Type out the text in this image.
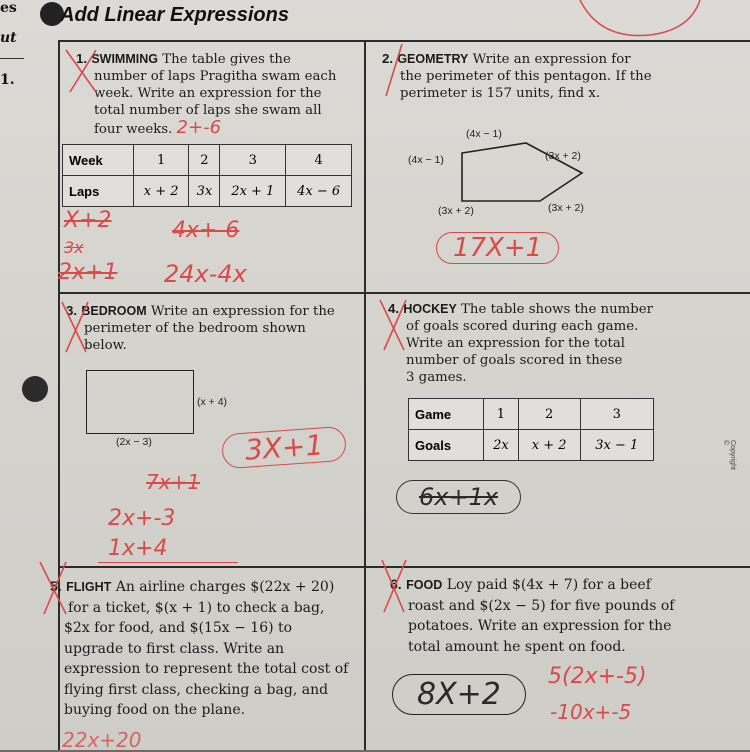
es
ut
1.
Add Linear Expressions
1. SWIMMING The table gives the
number of laps Pragitha swam each
week. Write an expression for the
total number of laps she swam all
four weeks. 2+-6
Week	1	2	3	4
Laps	x + 2	3x	2x + 1	4x − 6
X+2	4x+-6
3x
2x+1 24x-4x
2. GEOMETRY Write an expression for
the perimeter of this pentagon. If the
perimeter is 157 units, find x.
(4x − 1)
(4x − 1)	(3x + 2)
(3x + 2)	(3x + 2)
17X+1
3. BEDROOM Write an expression for the
perimeter of the bedroom shown
below.
(x + 4)
(2x − 3)	3X+1
7x+1
2x+-3
1x+4
4. HOCKEY The table shows the number
of goals scored during each game.
Write an expression for the total
number of goals scored in these
3 games.
Game	1	2	3
Goals	2x	x + 2	3x − 1
6x+1x
5. FLIGHT An airline charges $(22x + 20)
for a ticket, $(x + 1) to check a bag,
$2x for food, and $(15x − 16) to
upgrade to first class. Write an
expression to represent the total cost of
flying first class, checking a bag, and
buying food on the plane.
22x+20
6. FOOD Loy paid $(4x + 7) for a beef
roast and $(2x − 5) for five pounds of
potatoes. Write an expression for the
total amount he spent on food.
8X+2
5(2x+-5)
-10x+-5
Copyright ©
